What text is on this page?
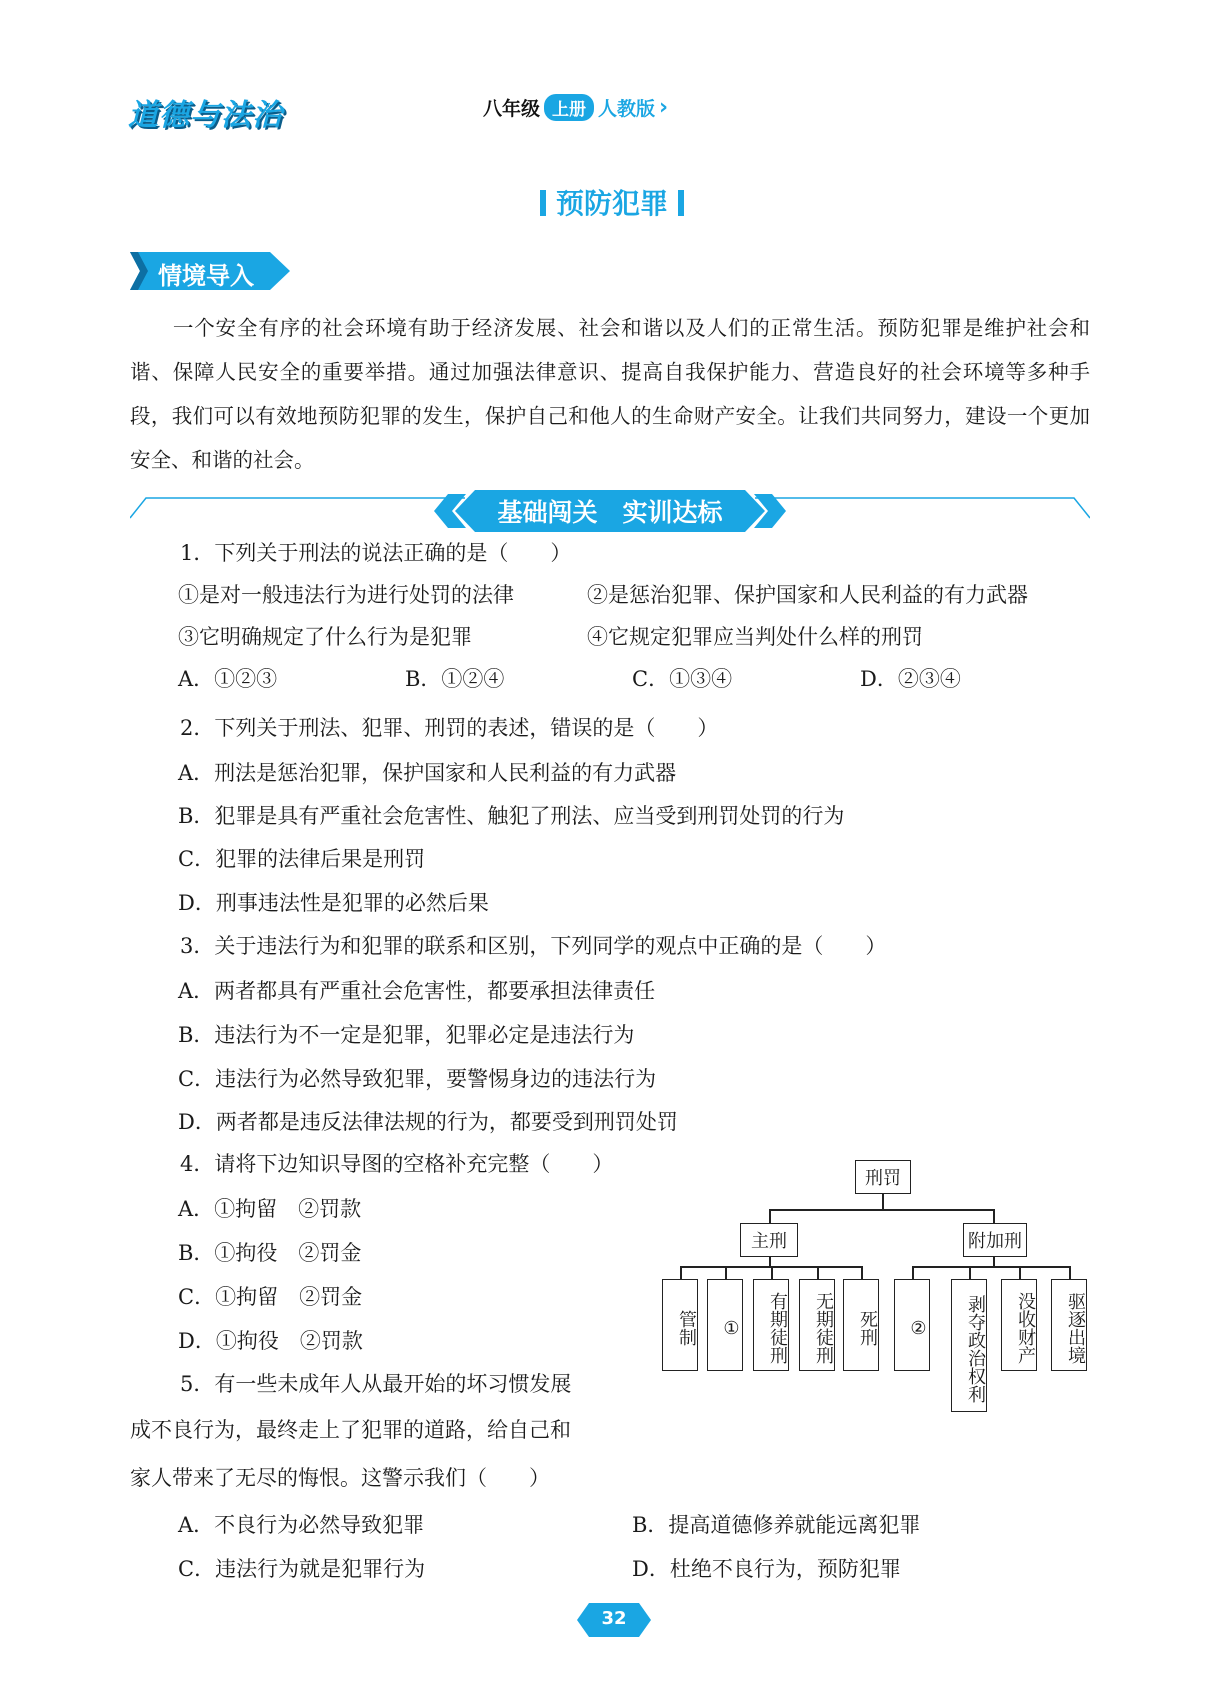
道德与法治	八年级 上册 人教版 ›
预防犯罪
情境导入
一个安全有序的社会环境有助于经济发展、社会和谐以及人们的正常生活。预防犯罪是维护社会和谐、保障人民安全的重要举措。通过加强法律意识、提高自我保护能力、营造良好的社会环境等多种手段，我们可以有效地预防犯罪的发生，保护自己和他人的生命财产安全。让我们共同努力，建设一个更加安全、和谐的社会。
基础闯关　实训达标
1．下列关于刑法的说法正确的是（　　）
①是对一般违法行为进行处罚的法律	②是惩治犯罪、保护国家和人民利益的有力武器
③它明确规定了什么行为是犯罪	④它规定犯罪应当判处什么样的刑罚
A．①②③	B．①②④	C．①③④	D．②③④
2．下列关于刑法、犯罪、刑罚的表述，错误的是（　　）
A．刑法是惩治犯罪，保护国家和人民利益的有力武器
B．犯罪是具有严重社会危害性、触犯了刑法、应当受到刑罚处罚的行为
C．犯罪的法律后果是刑罚
D．刑事违法性是犯罪的必然后果
3．关于违法行为和犯罪的联系和区别，下列同学的观点中正确的是（　　）
A．两者都具有严重社会危害性，都要承担法律责任
B．违法行为不一定是犯罪，犯罪必定是违法行为
C．违法行为必然导致犯罪，要警惕身边的违法行为
D．两者都是违反法律法规的行为，都要受到刑罚处罚
4．请将下边知识导图的空格补充完整（　　）
A．①拘留　②罚款
B．①拘役　②罚金
C．①拘留　②罚金
D．①拘役　②罚款
刑罚
主刑	附加刑
管制	①	有期徒刑	无期徒刑	死刑	②	剥夺政治权利	没收财产	驱逐出境
5．有一些未成年人从最开始的坏习惯发展
成不良行为，最终走上了犯罪的道路，给自己和
家人带来了无尽的悔恨。这警示我们（　　）
A．不良行为必然导致犯罪	B．提高道德修养就能远离犯罪
C．违法行为就是犯罪行为	D．杜绝不良行为，预防犯罪
32
